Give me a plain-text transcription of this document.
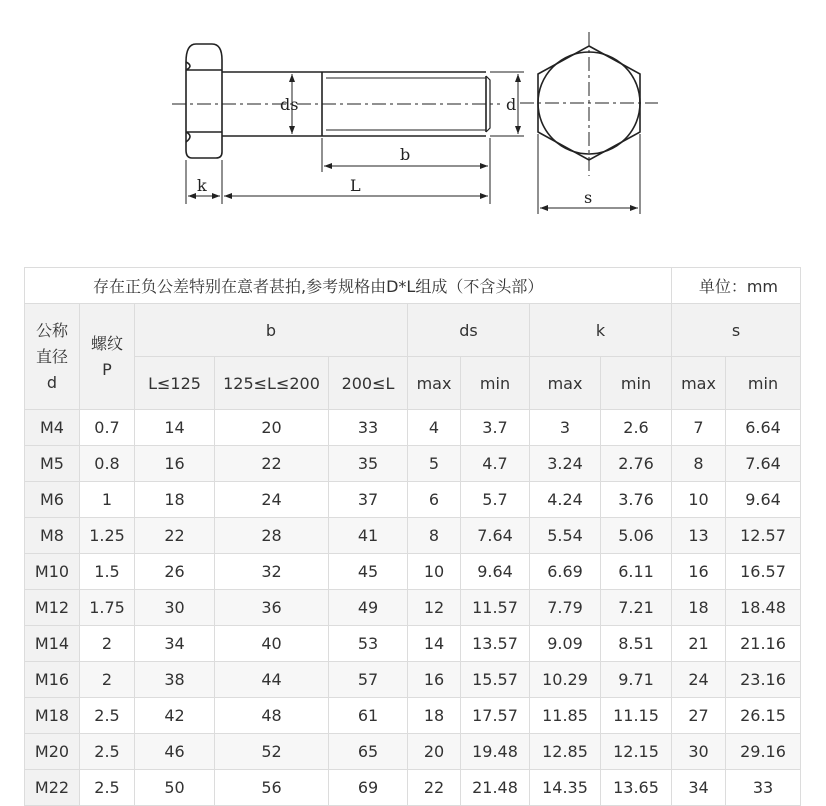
ds	d
b
k	L
s
存在正负公差特别在意者甚拍,参考规格由D*L组成（不含头部）									单位：mm	
公称
直径
d	螺纹
P	b			ds		k		s	
		L≤125	125≤L≤200	200≤L	max	min	max	min	max	min
M4	0.7	14	20	33	4	3.7	3	2.6	7	6.64
M5	0.8	16	22	35	5	4.7	3.24	2.76	8	7.64
M6	1	18	24	37	6	5.7	4.24	3.76	10	9.64
M8	1.25	22	28	41	8	7.64	5.54	5.06	13	12.57
M10	1.5	26	32	45	10	9.64	6.69	6.11	16	16.57
M12	1.75	30	36	49	12	11.57	7.79	7.21	18	18.48
M14	2	34	40	53	14	13.57	9.09	8.51	21	21.16
M16	2	38	44	57	16	15.57	10.29	9.71	24	23.16
M18	2.5	42	48	61	18	17.57	11.85	11.15	27	26.15
M20	2.5	46	52	65	20	19.48	12.85	12.15	30	29.16
M22	2.5	50	56	69	22	21.48	14.35	13.65	34	33
